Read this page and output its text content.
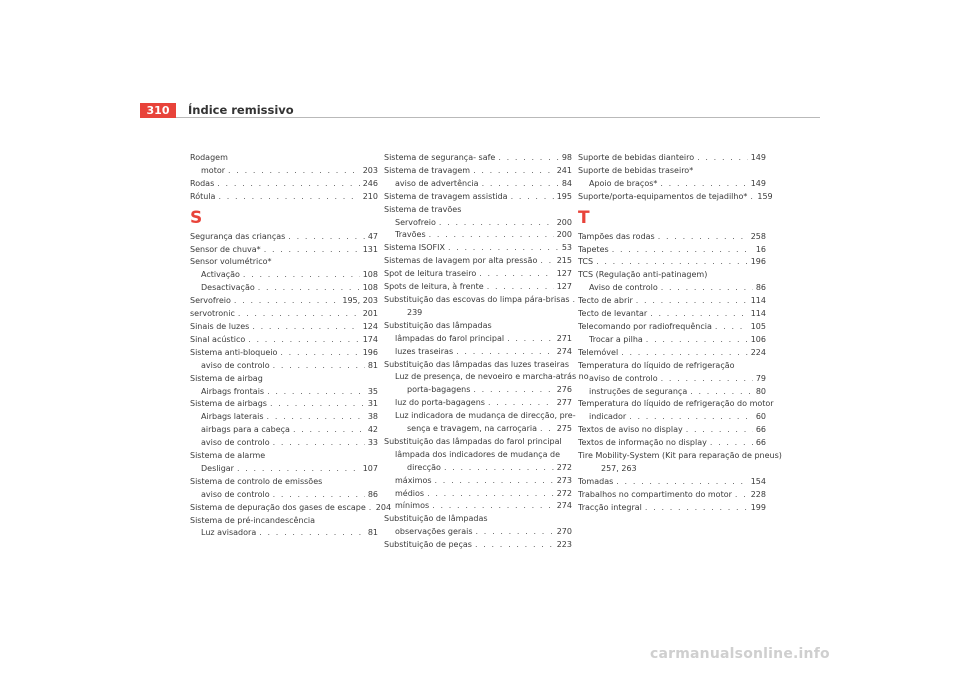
310	Índice remissivo
Rodagem
motor . . .	203
Rodas . . .	246
Rótula . . .	210
S
Segurança das crianças . . .	47
Sensor de chuva* . . .	131
Sensor volumétrico*
Activação . . .	108
Desactivação . . .	108
Servofreio . . .	195, 203
servotronic . . .	201
Sinais de luzes . . .	124
Sinal acústico . . .	174
Sistema anti-bloqueio . . .	196
aviso de controlo . . .	81
Sistema de airbag
Airbags frontais . . .	35
Sistema de airbags . . .	31
Airbags laterais . . .	38
airbags para a cabeça . . .	42
aviso de controlo . . .	33
Sistema de alarme
Desligar . . .	107
Sistema de controlo de emissões
aviso de controlo . . .	86
Sistema de depuração dos gases de escape . . . 204
Sistema de pré-incandescência
Luz avisadora . . .	81
Sistema de segurança- safe . . .	98
Sistema de travagem . . .	241
aviso de advertência . . .	84
Sistema de travagem assistida . . .	195
Sistema de travões
Servofreio . . .	200
Travões . . .	200
Sistema ISOFIX . . .	53
Sistemas de lavagem por alta pressão . . . 215
Spot de leitura traseiro . . .	127
Spots de leitura, à frente . . .	127
Substituição das escovas do limpa pára-brisas
. . .
239
Substituição das lâmpadas
lâmpadas do farol principal . . .	271
luzes traseiras . . .	274
Substituição das lâmpadas das luzes traseiras
Luz de presença, de nevoeiro e marcha-atrás no
porta-bagagens . . .	276
luz do porta-bagagens . . .	277
Luz indicadora de mudança de direcção, pre-
sença e travagem, na carroçaria . . . 275
Substituição das lâmpadas do farol principal
lâmpada dos indicadores de mudança de
direcção . . .	272
máximos . . .	273
médios . . .	272
mínimos . . .	274
Substituição de lâmpadas
observações gerais . . .	270
Substituição de peças . . .	223
Suporte de bebidas dianteiro . . .	149
Suporte de bebidas traseiro*
Apoio de braços* . . .	149
Suporte/porta-equipamentos de tejadilho* . . . 159
T
Tampões das rodas . . .	258
Tapetes . . .	16
TCS . . .	196
TCS (Regulação anti-patinagem)
Aviso de controlo . . .	86
Tecto de abrir . . .	114
Tecto de levantar . . .	114
Telecomando por radiofrequência . . .	105
Trocar a pilha . . .	106
Telemóvel . . .	224
Temperatura do líquido de refrigeração
aviso de controlo . . .	79
instruções de segurança . . .	80
Temperatura do líquido de refrigeração do motor
indicador . . .	60
Textos de aviso no display . . .	66
Textos de informação no display . . .	66
Tire Mobility-System (Kit para reparação de pneus)
257, 263
Tomadas . . .	154
Trabalhos no compartimento do motor . . . 228
Tracção integral . . .	199
carmanualsonline.info
